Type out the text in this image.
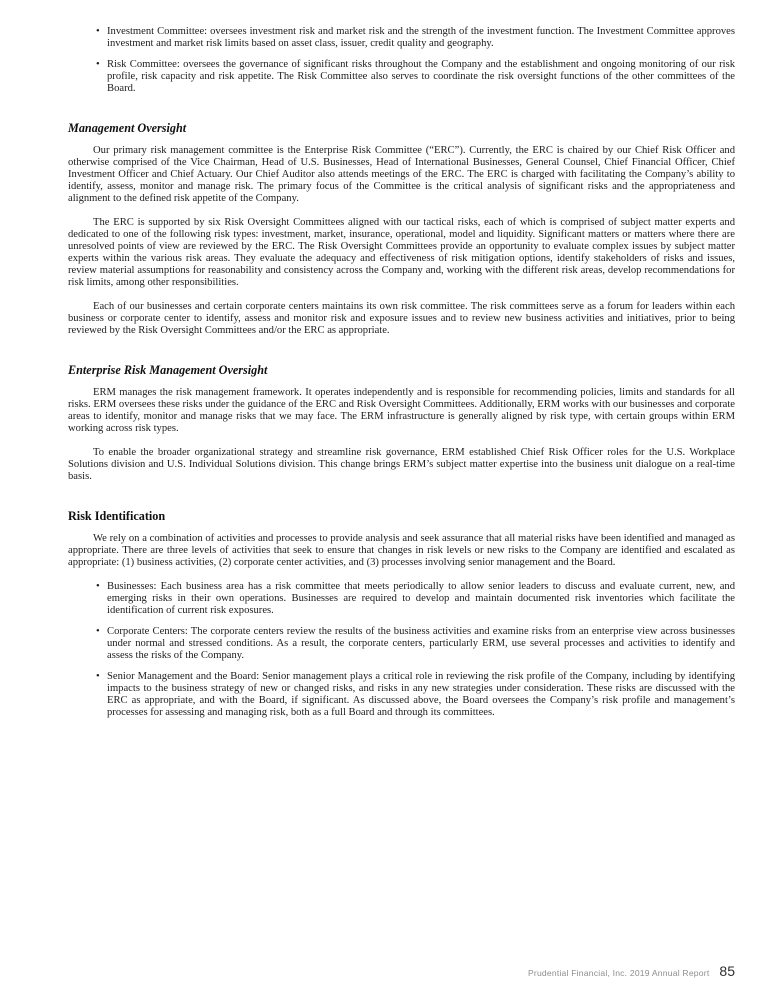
• Investment Committee: oversees investment risk and market risk and the strength of the investment function. The Investment Committee approves investment and market risk limits based on asset class, issuer, credit quality and geography.
• Risk Committee: oversees the governance of significant risks throughout the Company and the establishment and ongoing monitoring of our risk profile, risk capacity and risk appetite. The Risk Committee also serves to coordinate the risk oversight functions of the other committees of the Board.
Management Oversight

Our primary risk management committee is the Enterprise Risk Committee (“ERC”). Currently, the ERC is chaired by our Chief Risk Officer and otherwise comprised of the Vice Chairman, Head of U.S. Businesses, Head of International Businesses, General Counsel, Chief Financial Officer, Chief Investment Officer and Chief Actuary. Our Chief Auditor also attends meetings of the ERC. The ERC is charged with facilitating the Company’s ability to identify, assess, monitor and manage risk. The primary focus of the Committee is the critical analysis of significant risks and the appropriateness and alignment to the defined risk appetite of the Company.

The ERC is supported by six Risk Oversight Committees aligned with our tactical risks, each of which is comprised of subject matter experts and dedicated to one of the following risk types: investment, market, insurance, operational, model and liquidity. Significant matters or matters where there are unresolved points of view are reviewed by the ERC. The Risk Oversight Committees provide an opportunity to evaluate complex issues by subject matter experts within the various risk areas. They evaluate the adequacy and effectiveness of risk mitigation options, identify stakeholders of risks and issues, review material assumptions for reasonability and consistency across the Company and, working with the different risk areas, develop recommendations for risk limits, among other responsibilities.

Each of our businesses and certain corporate centers maintains its own risk committee. The risk committees serve as a forum for leaders within each business or corporate center to identify, assess and monitor risk and exposure issues and to review new business activities and initiatives, prior to being reviewed by the Risk Oversight Committees and/or the ERC as appropriate.

Enterprise Risk Management Oversight

ERM manages the risk management framework. It operates independently and is responsible for recommending policies, limits and standards for all risks. ERM oversees these risks under the guidance of the ERC and Risk Oversight Committees. Additionally, ERM works with our businesses and corporate areas to identify, monitor and manage risks that we may face. The ERM infrastructure is generally aligned by risk type, with certain groups within ERM working across risk types.

To enable the broader organizational strategy and streamline risk governance, ERM established Chief Risk Officer roles for the U.S. Workplace Solutions division and U.S. Individual Solutions division. This change brings ERM’s subject matter expertise into the business unit dialogue on a real-time basis.

Risk Identification

We rely on a combination of activities and processes to provide analysis and seek assurance that all material risks have been identified and managed as appropriate. There are three levels of activities that seek to ensure that changes in risk levels or new risks to the Company are identified and escalated as appropriate: (1) business activities, (2) corporate center activities, and (3) processes involving senior management and the Board.

• Businesses: Each business area has a risk committee that meets periodically to allow senior leaders to discuss and evaluate current, new, and emerging risks in their own operations. Businesses are required to develop and maintain documented risk inventories which facilitate the identification of current risk exposures.
• Corporate Centers: The corporate centers review the results of the business activities and examine risks from an enterprise view across businesses under normal and stressed conditions. As a result, the corporate centers, particularly ERM, use several processes and activities to identify and assess the risks of the Company.
• Senior Management and the Board: Senior management plays a critical role in reviewing the risk profile of the Company, including by identifying impacts to the business strategy of new or changed risks, and risks in any new strategies under consideration. These risks are discussed with the ERC as appropriate, and with the Board, if significant. As discussed above, the Board oversees the Company’s risk profile and management’s processes for assessing and managing risk, both as a full Board and through its committees.
Prudential Financial, Inc. 2019 Annual Report 85
